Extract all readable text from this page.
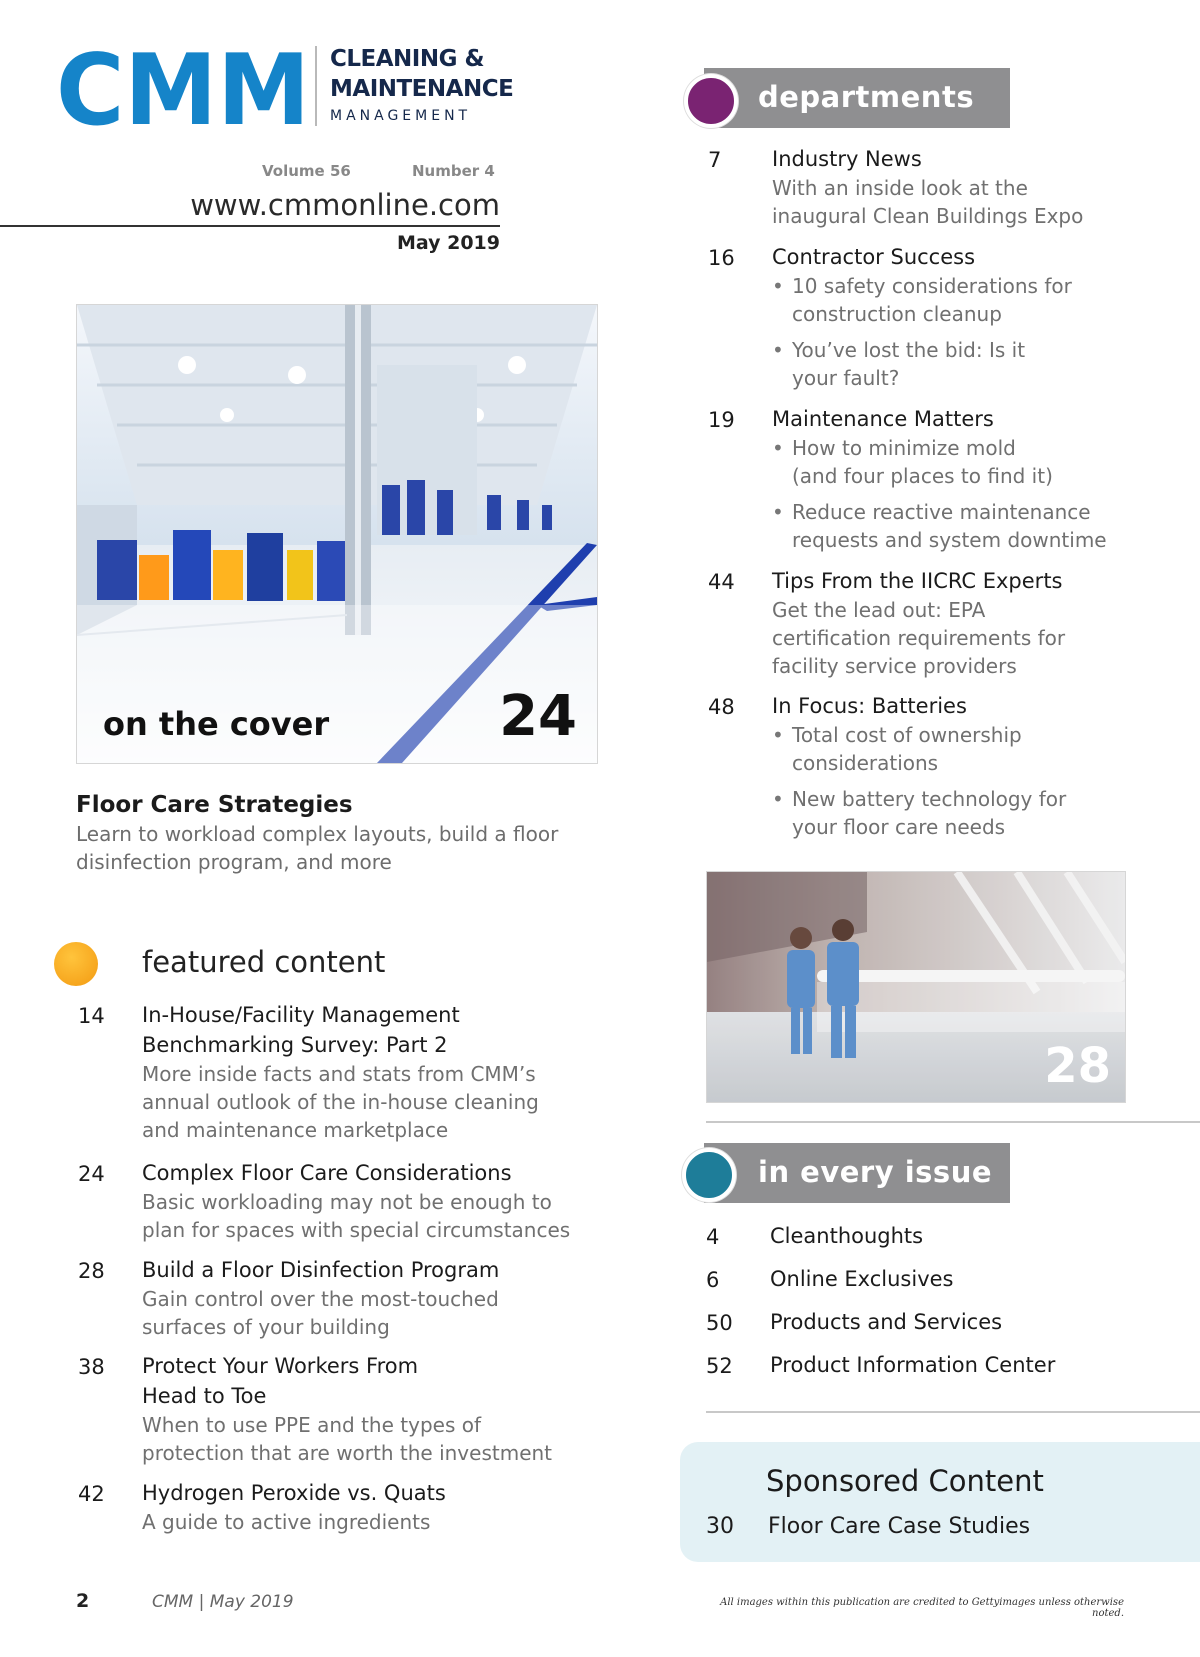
CMM CLEANING &
MAINTENANCE
MANAGEMENT
Volume 56	Number 4
www.cmmonline.com
May 2019
on the cover	24
Floor Care Strategies
Learn to workload complex layouts, build a floor disinfection program, and more
featured content
14 In-House/Facility Management
Benchmarking Survey: Part 2
More inside facts and stats from CMM’s
annual outlook of the in-house cleaning
and maintenance marketplace
24 Complex Floor Care Considerations
Basic workloading may not be enough to
plan for spaces with special circumstances
28 Build a Floor Disinfection Program
Gain control over the most-touched
surfaces of your building
38 Protect Your Workers From
Head to Toe
When to use PPE and the types of
protection that are worth the investment
42 Hydrogen Peroxide vs. Quats
A guide to active ingredients
departments
7 Industry News
With an inside look at the
inaugural Clean Buildings Expo
16 Contractor Success
• 10 safety considerations for
construction cleanup
• You’ve lost the bid: Is it
your fault?
19 Maintenance Matters
• How to minimize mold
(and four places to find it)
• Reduce reactive maintenance
requests and system downtime
44 Tips From the IICRC Experts
Get the lead out: EPA
certification requirements for
facility service providers
48 In Focus: Batteries
• Total cost of ownership
considerations
• New battery technology for
your floor care needs
28
in every issue
4 Cleanthoughts
6 Online Exclusives
50 Products and Services
52 Product Information Center
Sponsored Content
30 Floor Care Case Studies
2	CMM | May 2019	All images within this publication are credited to Gettyimages unless otherwise noted.
